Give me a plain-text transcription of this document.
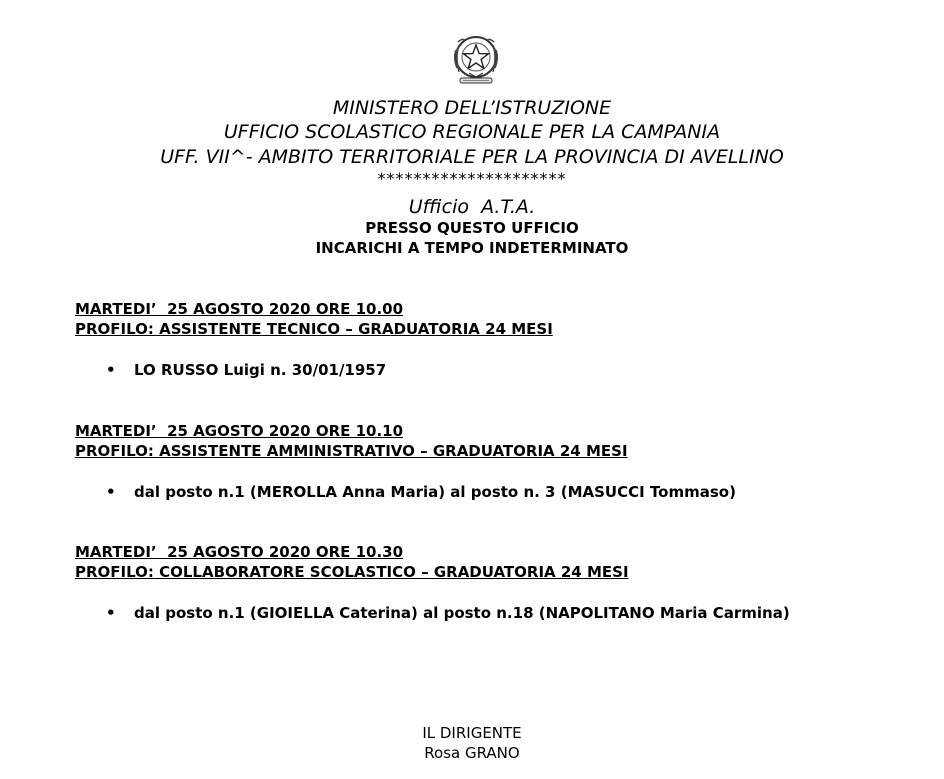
MINISTERO DELL’ISTRUZIONE
UFFICIO SCOLASTICO REGIONALE PER LA CAMPANIA
UFF. VII^- AMBITO TERRITORIALE PER LA PROVINCIA DI AVELLINO
*********************
Ufficio  A.T.A.
PRESSO QUESTO UFFICIO
INCARICHI A TEMPO INDETERMINATO
MARTEDI’  25 AGOSTO 2020 ORE 10.00
PROFILO: ASSISTENTE TECNICO – GRADUATORIA 24 MESI
• LO RUSSO Luigi n. 30/01/1957
MARTEDI’  25 AGOSTO 2020 ORE 10.10
PROFILO: ASSISTENTE AMMINISTRATIVO – GRADUATORIA 24 MESI
• dal posto n.1 (MEROLLA Anna Maria) al posto n. 3 (MASUCCI Tommaso)
MARTEDI’  25 AGOSTO 2020 ORE 10.30
PROFILO: COLLABORATORE SCOLASTICO – GRADUATORIA 24 MESI
• dal posto n.1 (GIOIELLA Caterina) al posto n.18 (NAPOLITANO Maria Carmina)
IL DIRIGENTE
Rosa GRANO
